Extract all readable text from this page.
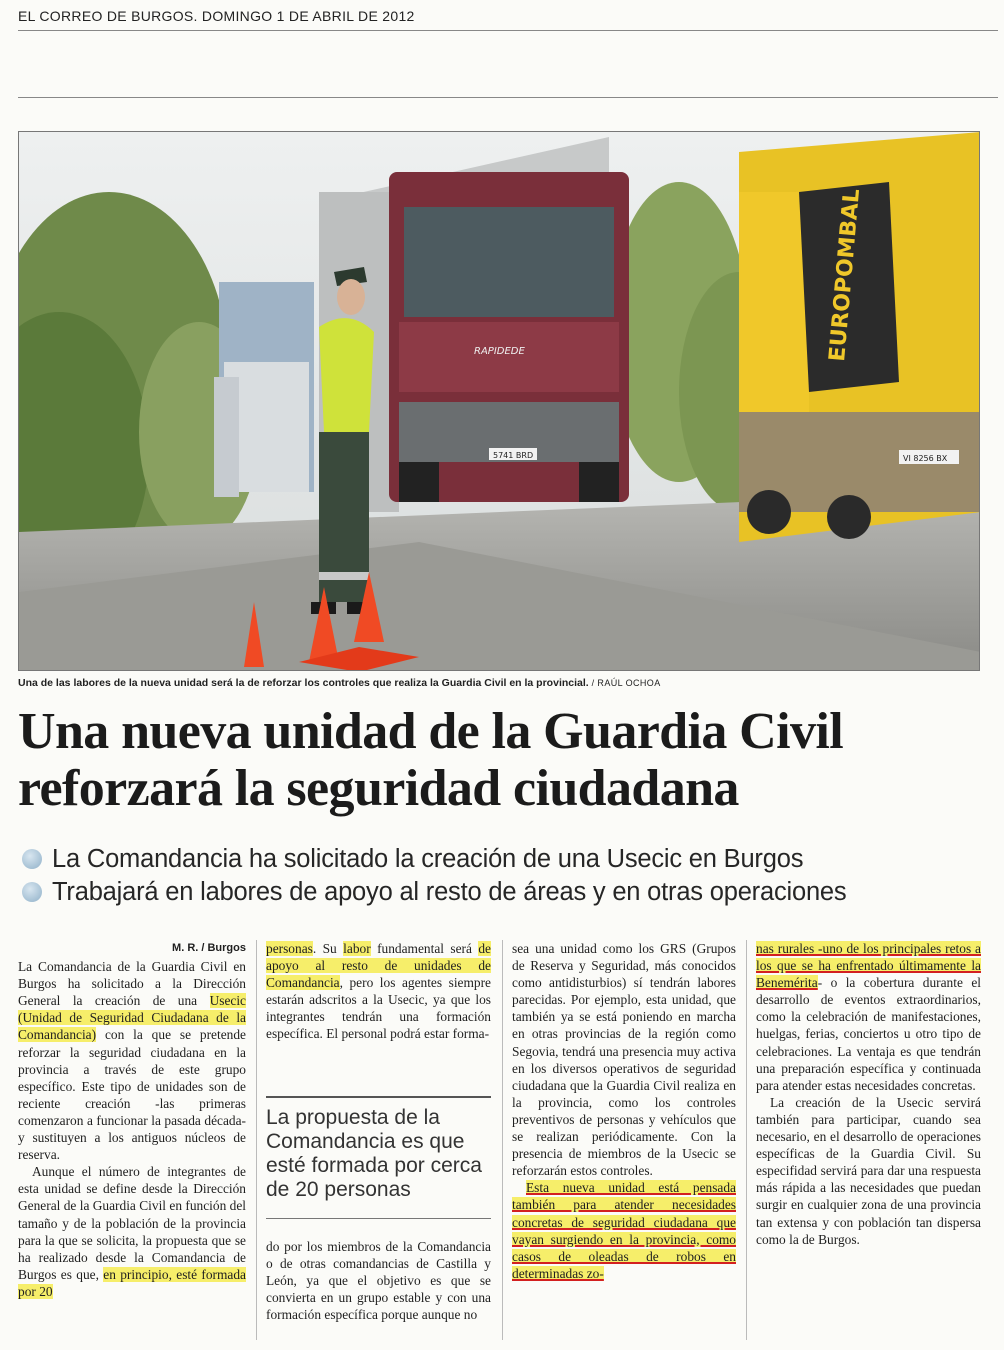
EL CORREO DE BURGOS. DOMINGO 1 DE ABRIL DE 2012
RAPIDEDE
5741 BRD
EUROPOMBAL
VI 8256 BX
Una de las labores de la nueva unidad será la de reforzar los controles que realiza la Guardia Civil en la provincial. / RAÚL OCHOA
Una nueva unidad de la Guardia Civil
reforzará la seguridad ciudadana
La Comandancia ha solicitado la creación de una Usecic en Burgos
Trabajará en labores de apoyo al resto de áreas y en otras operaciones
M. R. / Burgos

La Comandancia de la Guardia Civil en Burgos ha solicitado a la Dirección General la creación de una Usecic (Unidad de Seguridad Ciudadana de la Comandancia) con la que se pretende reforzar la seguridad ciudadana en la provincia a través de este grupo específico. Este tipo de unidades son de reciente creación -las primeras comenzaron a funcionar la pasada década- y sustituyen a los antiguos núcleos de reserva.

Aunque el número de integrantes de esta unidad se define desde la Dirección General de la Guardia Civil en función del tamaño y de la población de la provincia para la que se solicita, la propuesta que se ha realizado desde la Comandancia de Burgos es que, en principio, esté formada por 20

personas. Su labor fundamental será de apoyo al resto de unidades de Comandancia, pero los agentes siempre estarán adscritos a la Usecic, ya que los integrantes tendrán una formación específica. El personal podrá estar forma-

La propuesta de la Comandancia es que esté formada por cerca de 20 personas

do por los miembros de la Comandancia o de otras comandancias de Castilla y León, ya que el objetivo es que se convierta en un grupo estable y con una formación específica porque aunque no

sea una unidad como los GRS (Grupos de Reserva y Seguridad, más conocidos como antidisturbios) sí tendrán labores parecidas. Por ejemplo, esta unidad, que también ya se está poniendo en marcha en otras provincias de la región como Segovia, tendrá una presencia muy activa en los diversos operativos de seguridad ciudadana que la Guardia Civil realiza en la provincia, como los controles preventivos de personas y vehículos que se realizan periódicamente. Con la presencia de miembros de la Usecic se reforzarán estos controles.

Esta nueva unidad está pensada también para atender necesidades concretas de seguridad ciudadana que vayan surgiendo en la provincia, como casos de oleadas de robos en determinadas zo-

nas rurales -uno de los principales retos a los que se ha enfrentado últimamente la Benemérita- o la cobertura durante el desarrollo de eventos extraordinarios, como la celebración de manifestaciones, huelgas, ferias, conciertos u otro tipo de celebraciones. La ventaja es que tendrán una preparación específica y continuada para atender estas necesidades concretas.

La creación de la Usecic servirá también para participar, cuando sea necesario, en el desarrollo de operaciones específicas de la Guardia Civil. Su especifidad servirá para dar una respuesta más rápida a las necesidades que puedan surgir en cualquier zona de una provincia tan extensa y con población tan dispersa como la de Burgos.
